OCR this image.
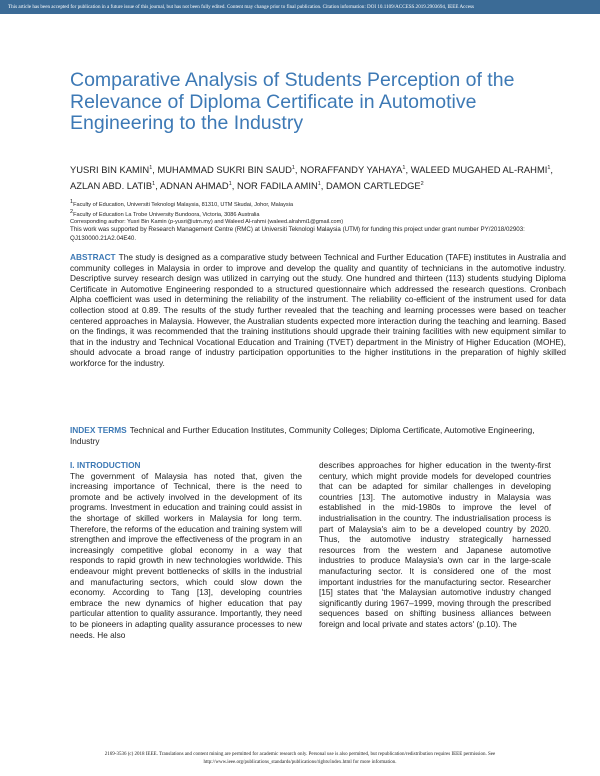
This article has been accepted for publication in a future issue of this journal, but has not been fully edited. Content may change prior to final publication. Citation information: DOI 10.1109/ACCESS.2019.2903694, IEEE Access
Comparative Analysis of Students Perception of the Relevance of Diploma Certificate in Automotive Engineering to the Industry

YUSRI BIN KAMIN$^1$, MUHAMMAD SUKRI BIN SAUD$^1$, NORAFFANDY YAHAYA$^1$, WALEED MUGAHED AL-RAHMI$^1$, AZLAN ABD. LATIB$^1$, ADNAN AHMAD$^1$, NOR FADILA AMIN$^1$, DAMON CARTLEDGE$^2$

$^1$Faculty of Education, Universiti Teknologi Malaysia, 81310, UTM Skudai, Johor, Malaysia
$^2$Faculty of Education La Trobe University Bundoora, Victoria, 3086 Australia
Corresponding author: Yusri Bin Kamin (p-yusri@utm.my) and Waleed Al-rahmi (waleed.alrahmi1@gmail.com)

This work was supported by Research Management Centre (RMC) at Universiti Teknologi Malaysia (UTM) for funding this project under grant number PY/2018/02903: QJ130000.21A2.04E40.

ABSTRACT The study is designed as a comparative study between Technical and Further Education (TAFE) institutes in Australia and community colleges in Malaysia in order to improve and develop the quality and quantity of technicians in the automotive industry. Descriptive survey research design was utilized in carrying out the study. One hundred and thirteen (113) students studying Diploma Certificate in Automotive Engineering responded to a structured questionnaire which addressed the research questions. Cronbach Alpha coefficient was used in determining the reliability of the instrument. The reliability co-efficient of the instrument used for data collection stood at 0.89. The results of the study further revealed that the teaching and learning processes were based on teacher centered approaches in Malaysia. However, the Australian students expected more interaction during the teaching and learning. Based on the findings, it was recommended that the training institutions should upgrade their training facilities with new equipment similar to that in the industry and Technical Vocational Education and Training (TVET) department in the Ministry of Higher Education (MOHE), should advocate a broad range of industry participation opportunities to the higher institutions in the preparation of highly skilled workforce for the industry.

INDEX TERMS Technical and Further Education Institutes, Community Colleges; Diploma Certificate, Automotive Engineering, Industry

I. INTRODUCTION
The government of Malaysia has noted that, given the increasing importance of Technical, there is the need to promote and be actively involved in the development of its programs. Investment in education and training could assist in the shortage of skilled workers in Malaysia for long term. Therefore, the reforms of the education and training system will strengthen and improve the effectiveness of the program in an increasingly competitive global economy in a way that responds to rapid growth in new technologies worldwide. This endeavour might prevent bottlenecks of skills in the industrial and manufacturing sectors, which could slow down the economy. According to Tang [13], developing countries embrace the new dynamics of higher education that pay particular attention to quality assurance. Importantly, they need to be pioneers in adapting quality assurance processes to new needs. He also

describes approaches for higher education in the twenty-first century, which might provide models for developed countries that can be adapted for similar challenges in developing countries [13]. The automotive industry in Malaysia was established in the mid-1980s to improve the level of industrialisation in the country. The industrialisation process is part of Malaysia's aim to be a developed country by 2020. Thus, the automotive industry strategically harnessed resources from the western and Japanese automotive industries to produce Malaysia's own car in the large-scale manufacturing sector. It is considered one of the most important industries for the manufacturing sector. Researcher [15] states that 'the Malaysian automotive industry changed significantly during 1967–1999, moving through the prescribed sequences based on shifting business alliances between foreign and local private and states actors' (p.10). The

2169-3536 (c) 2018 IEEE. Translations and content mining are permitted for academic research only. Personal use is also permitted, but republication/redistribution requires IEEE permission. See
http://www.ieee.org/publications_standards/publications/rights/index.html for more information.
